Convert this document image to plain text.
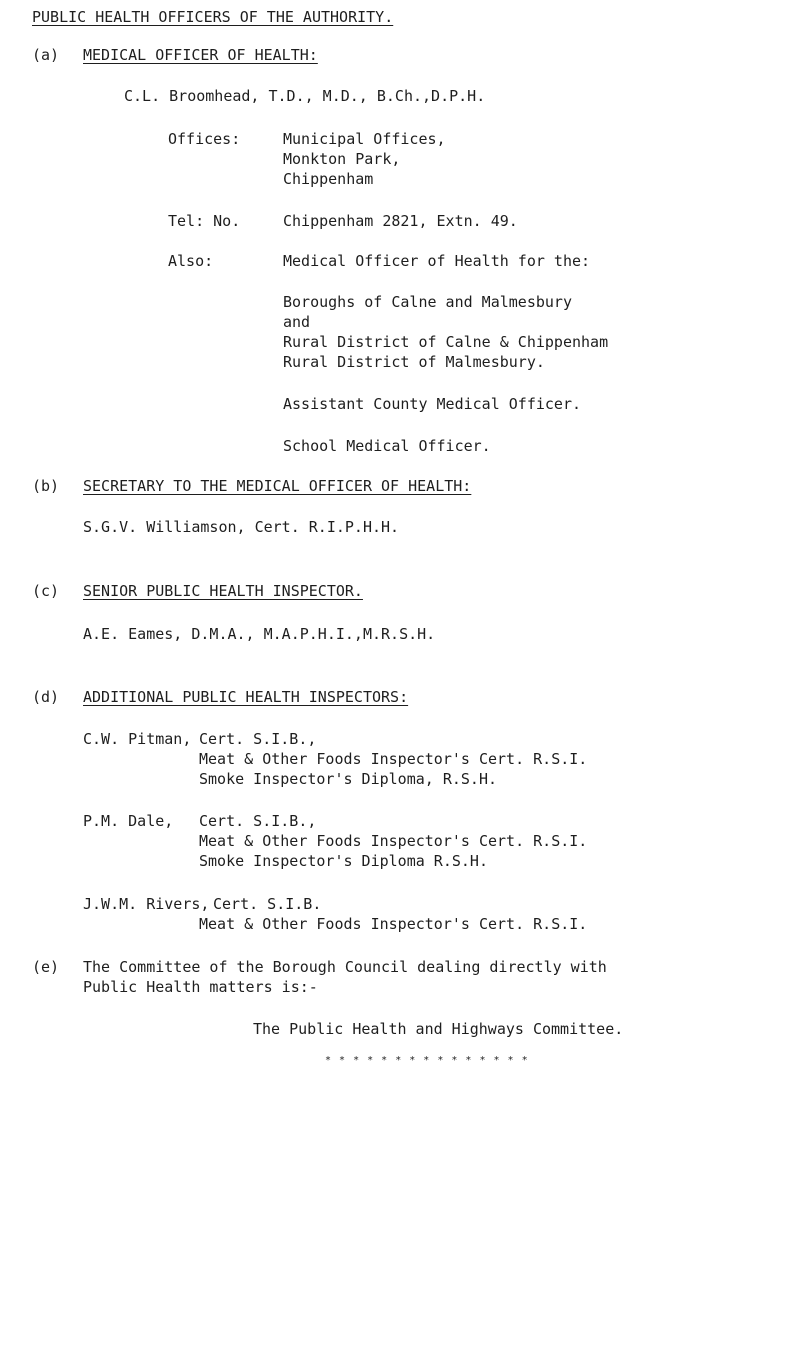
PUBLIC HEALTH OFFICERS OF THE AUTHORITY.
(a) MEDICAL OFFICER OF HEALTH:
C.L. Broomhead, T.D., M.D., B.Ch.,D.P.H.
Offices:	Municipal Offices,
Monkton Park,
Chippenham
Tel: No.	Chippenham 2821, Extn. 49.
Also:	Medical Officer of Health for the:
Boroughs of Calne and Malmesbury
and
Rural District of Calne & Chippenham
Rural District of Malmesbury.
Assistant County Medical Officer.
School Medical Officer.
(b) SECRETARY TO THE MEDICAL OFFICER OF HEALTH:
S.G.V. Williamson, Cert. R.I.P.H.H.
(c) SENIOR PUBLIC HEALTH INSPECTOR.
A.E. Eames, D.M.A., M.A.P.H.I.,M.R.S.H.
(d) ADDITIONAL PUBLIC HEALTH INSPECTORS:
C.W. Pitman, Cert. S.I.B.,
Meat & Other Foods Inspector's Cert. R.S.I.
Smoke Inspector's Diploma, R.S.H.
P.M. Dale, Cert. S.I.B.,
Meat & Other Foods Inspector's Cert. R.S.I.
Smoke Inspector's Diploma R.S.H.
J.W.M. Rivers, Cert. S.I.B.
Meat & Other Foods Inspector's Cert. R.S.I.
(e) The Committee of the Borough Council dealing directly with
Public Health matters is:-
The Public Health and Highways Committee.
* * * * * * * * * * * * * * *
